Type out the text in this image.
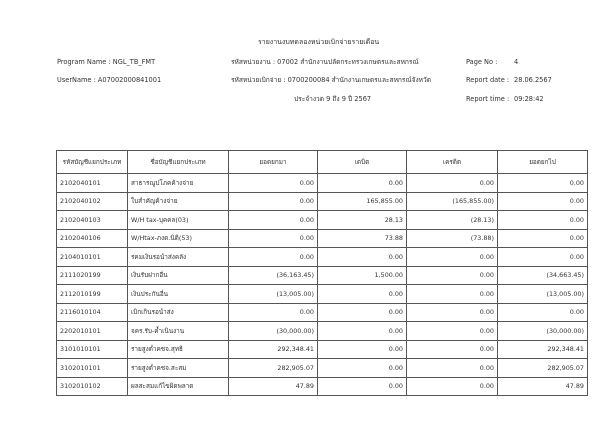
รายงานงบทดลองหน่วยเบิกจ่ายรายเดือน
Program Name : NGL_TB_FMT	รหัสหน่วยงาน : 07002 สำนักงานปลัดกระทรวงเกษตรและสหกรณ์	Page No :	4
UserName : A07002000841001	รหัสหน่วยเบิกจ่าย : 0700200084 สำนักงานเกษตรและสหกรณ์จังหวัด	Report date : 28.06.2567
ประจำงวด 9 ถึง 9 ปี 2567	Report time : 09:28:42
รหัสบัญชีแยกประเภท	ชื่อบัญชีแยกประเภท	ยอดยกมา	เดบิต	เครดิต	ยอดยกไป
2102040101	สาธารณูปโภคค้างจ่าย	0.00	0.00	0.00	0.00
2102040102	ใบสำคัญค้างจ่าย	0.00	165,855.00	(165,855.00)	0.00
2102040103	W/H tax-บุคคล(03)	0.00	28.13	(28.13)	0.00
2102040106	W/Htax-ภงด.นิติ(53)	0.00	73.88	(73.88)	0.00
2104010101	รคมเงินรอนำส่งคลัง	0.00	0.00	0.00	0.00
2111020199	เงินรับฝากอื่น	(36,163.45)	1,500.00	0.00	(34,663.45)
2112010199	เงินประกันอื่น	(13,005.00)	0.00	0.00	(13,005.00)
2116010104	เบิกเกินรอนำส่ง	0.00	0.00	0.00	0.00
2202010101	จคร.รับ-ค้ำเนินงาน	(30,000.00)	0.00	0.00	(30,000.00)
3101010101	รายสูงต่ำคชจ.สุทธิ	292,348.41	0.00	0.00	292,348.41
3102010101	รายสูงต่ำคชจ.สะสม	282,905.07	0.00	0.00	282,905.07
3102010102	ผลสะสมแก้ไขผิดพลาด	47.89	0.00	0.00	47.89
